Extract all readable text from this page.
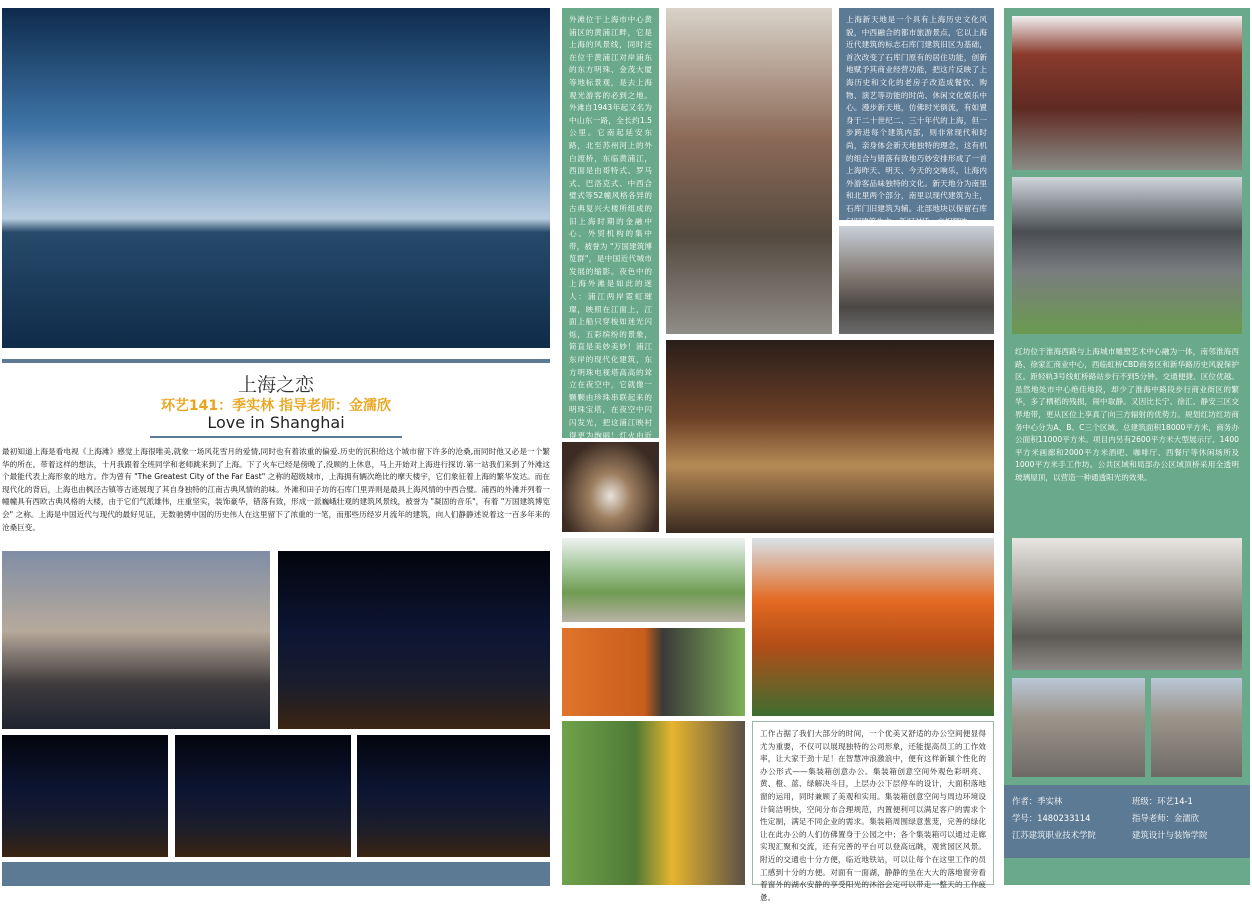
上海之恋
环艺141：季实林 指导老师：金濡欣
Love in Shanghai
最初知道上海是看电视《上海滩》感觉上海很唯美,就象一场风花雪月的爱情,同时也有着浓重的偏爱.历史的沉积给这个城市留下许多的沧桑,而同时他又必是一个繁华的所在。带着这样的想法，十月我跟着全班同学和老师跳来到了上海。下了火车已经是傍晚了,没顾的上休息，马上开始对上海进行探访.第一站我们来到了外滩这个最能代表上海形象的地方。作为曾有 "The Greatest City of the Far East" 之称的超级城市，上海拥有辆次绝比的摩天楼宇，它们象征着上海的繁华发达。而在现代化的背后，上海也由枫泾古镇等古迹展现了其自身独特的江南古典风情的韵味。外滩和田子坊的石库门里弄则是最具上海风情的中西合璧。浦西的外滩并列着一幢幢具有西欧古典风格的大楼，由于它们气派雄伟，庄重坚实，装饰豪华，错落有致，形成一派巍峨壮观的建筑风景线，被誉为 "凝固的音乐"，有着 "万国建筑博览会" 之称。上海是中国近代与现代的最好见证，无数驰骋中国的历史伟人在这里留下了浓重的一笔，而那些历经岁月流年的建筑，向人们静静述说着这一百多年来的沧桑巨变。
外滩位于上海市中心黄浦区的黄浦江畔，它是上海的风景线，同时还在位于黄浦江对岸浦东的东方明珠、金茂大厦等地标景观，是去上海观光游客的必到之地。外滩自1943年起又名为中山东一路，全长约1.5公里。它南起延安东路，北至苏州河上的外白渡桥，东临黄浦江，西面是由哥特式、罗马式、巴洛克式、中西合璧式等52幢风格各异的古典复兴大楼所组成的旧上海时期的金融中心、外贸机构的集中带，被誉为 "万国建筑博览群"，是中国近代城市发展的缩影。夜色中的上海外滩是如此的迷人：浦江两岸霓虹璀璨，映照在江面上，江面上船只穿梭如迷光闪烁，五彩缤纷的景象，简直是美妙美妙！浦江东岸的现代化建筑，东方明珠电视塔高高的耸立在夜空中，它就像一颗颗由珍珠串联起来的明珠宝塔，在夜空中闪闪发光，把这浦江映衬得更为绚丽！灯火由近
上海新天地是一个具有上海历史文化风貌，中西融合的都市旅游景点，它以上海近代建筑的标志石库门建筑旧区为基础，首次改变了石库门原有的居住功能，创新地赋予其商业经营功能，把这片反映了上海历史和文化的老房子改造成餐饮、购物、演艺等功能的时尚、休闲文化娱乐中心。漫步新天地，仿佛时光倒流，有如置身于二十世纪二、三十年代的上海，但一步跨进每个建筑内部，则非常现代和时尚，亲身体会新天地独特的理念，这有机的组合与错落有致地巧妙安排形成了一首上海昨天、明天、今天的交响乐，让海内外游客品味独特的文化。新天地分为南里和北里两个部分，南里以现代建筑为主，石库门旧建筑为辅。北部地块以保留石库门旧建筑为主，新旧对话，交相辉映。
工作占据了我们大部分的时间，一个优美又舒适的办公空间便显得尤为重要，不仅可以展现独特的公司形象，还能提高员工的工作效率，让大家干劲十足！在智慧冲浪激浪中，便有这样新颖个性化的办公形式——集装箱创意办公。集装箱创意空间外观色彩明亮、黄、橙、蓝、绿解决斗目，上层办公下层停车的设计，大面积落地窗的运用，同时兼顾了美观和实用。集装箱创意空间与周边环境设计简洁明快，空间分布合理规范，内置便利可以满足客户的需求个性定制，满足不同企业的需求。集装箱周围绿意葱茏，完善的绿化让在此办公的人们仿佛置身于公园之中；各个集装箱可以通过走廊实现汇聚和交流，还有完善的平台可以登高远眺，观赏园区风景。附近的交通也十分方便，临近地铁站，可以让每个在这里工作的员工感到十分的方便。对面有一面湖，静静的坐在大大的落地窗旁看着窗外的湖水安静的享受阳光的沐浴会定可以带走一整天的工作疲惫。
红坊位于淮海西路与上海城市雕塑艺术中心融为一体，南邻淮海西路、徐家汇商业中心，西临虹桥CBD商务区和新华路历史风貌保护区。距轻轨3号线虹桥路站步行不到5分钟。交通便捷、区位优越。虽然地处市中心绝佳地段，却少了淮海中路段步行商业街区的繁华，多了栖稻的残损，闹中取静。又因比长宁、徐汇、静安三区交界地带，更从区位上享真了向三方辐射的优势力。规划红坊红坊商务中心分为A、B、C三个区域。总建筑面积18000平方米，商务办公面积11000平方米。项目内另有2600平方米大型展示厅、1400平方米画廊和2000平方米酒吧、咖啡厅、西餐厅等休闲场所及1000平方米手工作坊。公共区域和局部办公区域顶桥采用全透明玻璃屋顶，以营造一种通透阳光的效果。
作者：季实林	班级：环艺14-1
学号：1480233114	指导老师：金濡欣
江苏建筑职业技术学院	建筑设计与装饰学院
